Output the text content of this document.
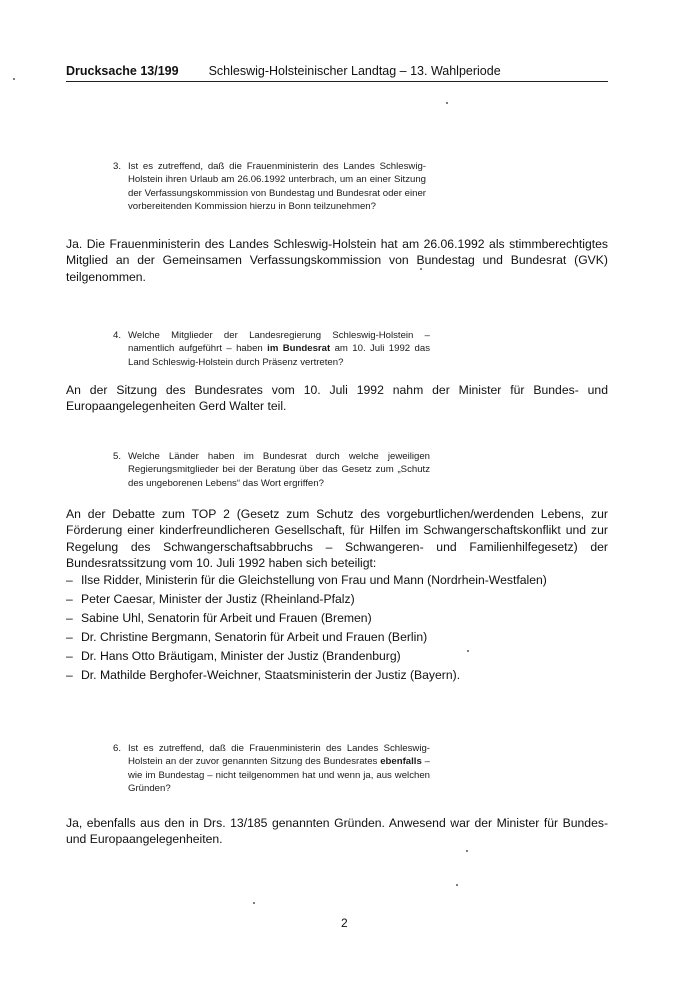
Drucksache 13/199 Schleswig-Holsteinischer Landtag – 13. Wahlperiode
3. Ist es zutreffend, daß die Frauenministerin des Landes Schleswig-Holstein ihren Urlaub am 26.06.1992 unterbrach, um an einer Sitzung der Verfassungskommission von Bundestag und Bundesrat oder einer vorbereitenden Kommission hierzu in Bonn teilzunehmen?
Ja. Die Frauenministerin des Landes Schleswig-Holstein hat am 26.06.1992 als stimmberechtigtes Mitglied an der Gemeinsamen Verfassungskommission von Bundestag und Bundesrat (GVK) teilgenommen.
4. Welche Mitglieder der Landesregierung Schleswig-Holstein – namentlich aufgeführt – haben im Bundesrat am 10. Juli 1992 das Land Schleswig-Holstein durch Präsenz vertreten?
An der Sitzung des Bundesrates vom 10. Juli 1992 nahm der Minister für Bundes- und Europaangelegenheiten Gerd Walter teil.
5. Welche Länder haben im Bundesrat durch welche jeweiligen Regierungsmitglieder bei der Beratung über das Gesetz zum „Schutz des ungeborenen Lebens“ das Wort ergriffen?
An der Debatte zum TOP 2 (Gesetz zum Schutz des vorgeburtlichen/werdenden Lebens, zur Förderung einer kinderfreundlicheren Gesellschaft, für Hilfen im Schwangerschaftskonflikt und zur Regelung des Schwangerschaftsabbruchs – Schwangeren- und Familienhilfegesetz) der Bundesratssitzung vom 10. Juli 1992 haben sich beteiligt:
– Ilse Ridder, Ministerin für die Gleichstellung von Frau und Mann (Nordrhein-Westfalen)
– Peter Caesar, Minister der Justiz (Rheinland-Pfalz)
– Sabine Uhl, Senatorin für Arbeit und Frauen (Bremen)
– Dr. Christine Bergmann, Senatorin für Arbeit und Frauen (Berlin)
– Dr. Hans Otto Bräutigam, Minister der Justiz (Brandenburg)
– Dr. Mathilde Berghofer-Weichner, Staatsministerin der Justiz (Bayern).
6. Ist es zutreffend, daß die Frauenministerin des Landes Schleswig-Holstein an der zuvor genannten Sitzung des Bundesrates ebenfalls – wie im Bundestag – nicht teilgenommen hat und wenn ja, aus welchen Gründen?
Ja, ebenfalls aus den in Drs. 13/185 genannten Gründen. Anwesend war der Minister für Bundes- und Europaangelegenheiten.
2
